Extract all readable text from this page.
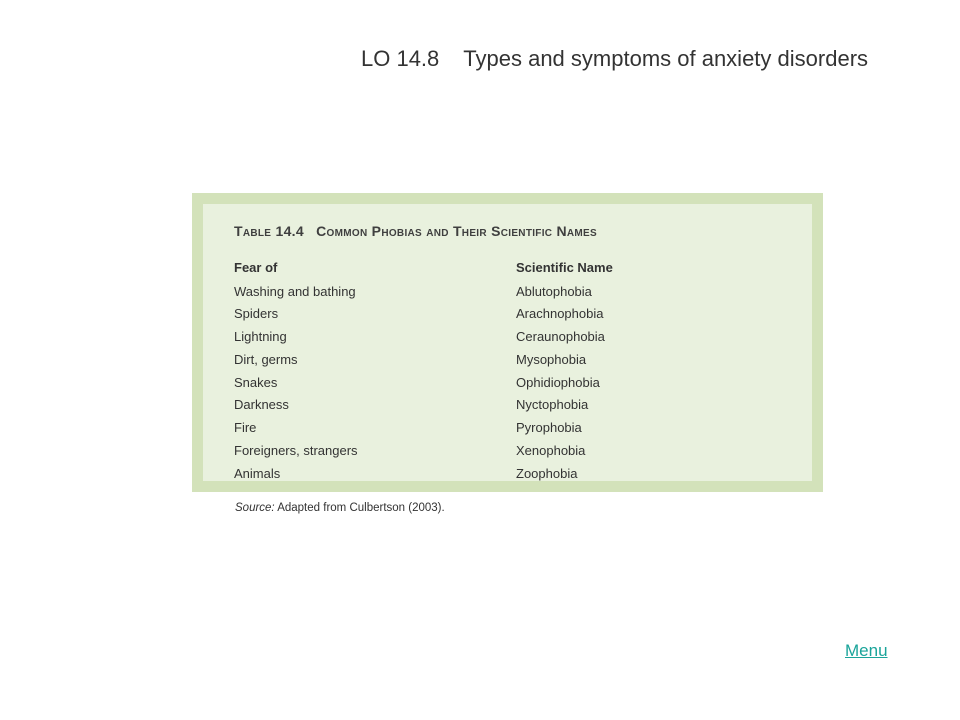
LO 14.8 Types and symptoms of anxiety disorders
Table 14.4 Common Phobias and Their Scientific Names
Fear of	Scientific Name
Washing and bathing	Ablutophobia
Spiders	Arachnophobia
Lightning	Ceraunophobia
Dirt, germs	Mysophobia
Snakes	Ophidiophobia
Darkness	Nyctophobia
Fire	Pyrophobia
Foreigners, strangers	Xenophobia
Animals	Zoophobia
Source: Adapted from Culbertson (2003).
Menu
